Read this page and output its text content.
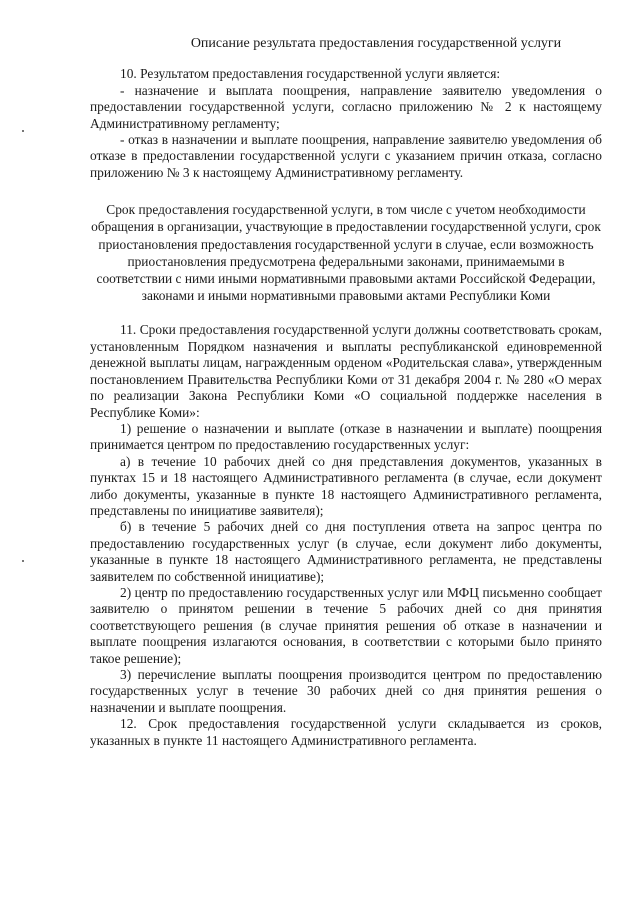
Описание результата предоставления государственной услуги

10. Результатом предоставления государственной услуги является:

- назначение и выплата поощрения, направление заявителю уведомления о предоставлении государственной услуги, согласно приложению № 2 к настоящему Административному регламенту;

- отказ в назначении и выплате поощрения, направление заявителю уведомления об отказе в предоставлении государственной услуги с указанием причин отказа, согласно приложению № 3 к настоящему Административному регламенту.

Срок предоставления государственной услуги, в том числе с учетом необходимости обращения в организации, участвующие в предоставлении государственной услуги, срок приостановления предоставления государственной услуги в случае, если возможность приостановления предусмотрена федеральными законами, принимаемыми в соответствии с ними иными нормативными правовыми актами Российской Федерации, законами и иными нормативными правовыми актами Республики Коми

11. Сроки предоставления государственной услуги должны соответствовать срокам, установленным Порядком назначения и выплаты республиканской единовременной денежной выплаты лицам, награжденным орденом «Родительская слава», утвержденным постановлением Правительства Республики Коми от 31 декабря 2004 г. № 280 «О мерах по реализации Закона Республики Коми «О социальной поддержке населения в Республике Коми»:

1) решение о назначении и выплате (отказе в назначении и выплате) поощрения принимается центром по предоставлению государственных услуг:

а) в течение 10 рабочих дней со дня представления документов, указанных в пунктах 15 и 18 настоящего Административного регламента (в случае, если документ либо документы, указанные в пункте 18 настоящего Административного регламента, представлены по инициативе заявителя);

б) в течение 5 рабочих дней со дня поступления ответа на запрос центра по предоставлению государственных услуг (в случае, если документ либо документы, указанные в пункте 18 настоящего Административного регламента, не представлены заявителем по собственной инициативе);

2) центр по предоставлению государственных услуг или МФЦ письменно сообщает заявителю о принятом решении в течение 5 рабочих дней со дня принятия соответствующего решения (в случае принятия решения об отказе в назначении и выплате поощрения излагаются основания, в соответствии с которыми было принято такое решение);

3) перечисление выплаты поощрения производится центром по предоставлению государственных услуг в течение 30 рабочих дней со дня принятия решения о назначении и выплате поощрения.

12. Срок предоставления государственной услуги складывается из сроков, указанных в пункте 11 настоящего Административного регламента.
